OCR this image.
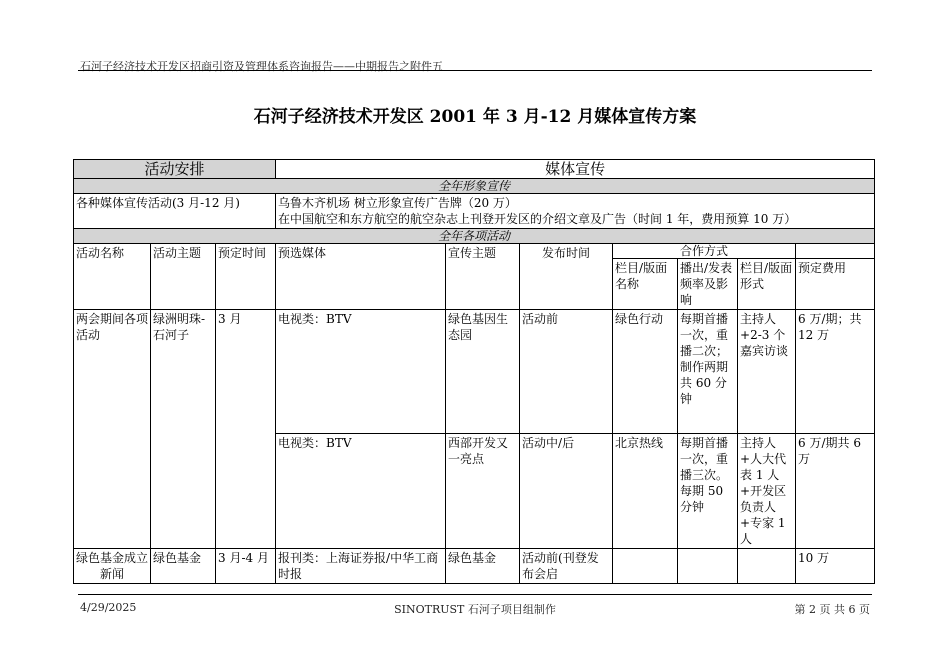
石河子经济技术开发区招商引资及管理体系咨询报告——中期报告之附件五
石河子经济技术开发区 2001 年 3 月-12 月媒体宣传方案
活动安排			媒体宣传						
全年形象宣传									
各种媒体宣传活动(3 月-12 月)			乌鲁木齐机场 树立形象宣传广告牌（20 万）
在中国航空和东方航空的航空杂志上刊登开发区的介绍文章及广告（时间 1 年，费用预算 10 万）						

全年各项活动									
活动名称	活动主题	预定时间	预选媒体	宣传主题	发布时间	合作方式			
						栏目/版面名称	播出/发表频率及影响	栏目/版面形式	预定费用
两会期间各项活动	绿洲明珠-石河子	3 月	电视类：BTV	绿色基因生态园	活动前	绿色行动	每期首播一次，重播二次；制作两期共 60 分钟	主持人+2-3 个嘉宾访谈	6 万/期；共 12 万
			电视类：BTV	西部开发又一亮点	活动中/后	北京热线	每期首播一次，重播三次。每期 50 分钟	主持人+人大代表 1 人+开发区负责人+专家 1 人	6 万/期共 6 万
绿色基金成立新闻	绿色基金	3 月-4 月	报刊类：上海证券报/中华工商时报	绿色基金	活动前(刊登发布会启				10 万
4/29/2025	SINOTRUST 石河子项目组制作	第 2 页 共 6 页
